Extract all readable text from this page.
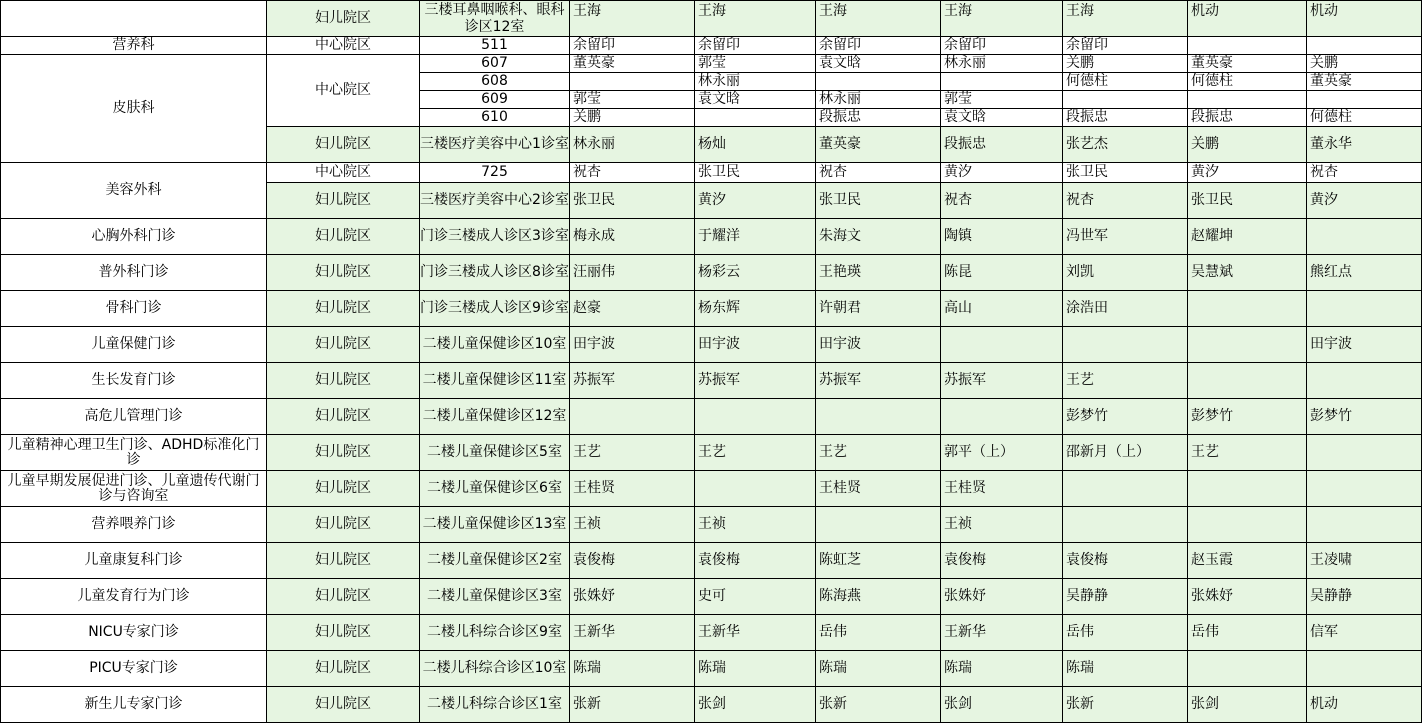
	妇儿院区	三楼耳鼻咽喉科、眼科诊区12室	王海	王海	王海	王海	王海	机动	机动
营养科	中心院区	511	余留印	余留印	余留印	余留印	余留印		
皮肤科	中心院区	607	董英豪	郭莹	袁文晗	林永丽	关鹏	董英豪	关鹏
		608		林永丽			何德柱	何德柱	董英豪
		609	郭莹	袁文晗	林永丽	郭莹			
		610	关鹏		段振忠	袁文晗	段振忠	段振忠	何德柱
	妇儿院区	三楼医疗美容中心1诊室	林永丽	杨灿	董英豪	段振忠	张艺杰	关鹏	董永华
美容外科	中心院区	725	祝杏	张卫民	祝杏	黄汐	张卫民	黄汐	祝杏
	妇儿院区	三楼医疗美容中心2诊室	张卫民	黄汐	张卫民	祝杏	祝杏	张卫民	黄汐
心胸外科门诊	妇儿院区	门诊三楼成人诊区3诊室	梅永成	于耀洋	朱海文	陶镇	冯世军	赵耀坤	
普外科门诊	妇儿院区	门诊三楼成人诊区8诊室	汪丽伟	杨彩云	王艳瑛	陈昆	刘凯	吴慧斌	熊红点
骨科门诊	妇儿院区	门诊三楼成人诊区9诊室	赵豪	杨东辉	许朝君	高山	涂浩田		
儿童保健门诊	妇儿院区	二楼儿童保健诊区10室	田宇波	田宇波	田宇波				田宇波
生长发育门诊	妇儿院区	二楼儿童保健诊区11室	苏振军	苏振军	苏振军	苏振军	王艺		
高危儿管理门诊	妇儿院区	二楼儿童保健诊区12室					彭梦竹	彭梦竹	彭梦竹
儿童精神心理卫生门诊、ADHD标准化门诊	妇儿院区	二楼儿童保健诊区5室	王艺	王艺	王艺	郭平（上）	邵新月（上）	王艺	
儿童早期发展促进门诊、儿童遗传代谢门诊与咨询室	妇儿院区	二楼儿童保健诊区6室	王桂贤		王桂贤	王桂贤			
营养喂养门诊	妇儿院区	二楼儿童保健诊区13室	王祯	王祯		王祯			
儿童康复科门诊	妇儿院区	二楼儿童保健诊区2室	袁俊梅	袁俊梅	陈虹芝	袁俊梅	袁俊梅	赵玉霞	王凌啸
儿童发育行为门诊	妇儿院区	二楼儿童保健诊区3室	张姝妤	史可	陈海燕	张姝妤	吴静静	张姝妤	吴静静
NICU专家门诊	妇儿院区	二楼儿科综合诊区9室	王新华	王新华	岳伟	王新华	岳伟	岳伟	信军
PICU专家门诊	妇儿院区	二楼儿科综合诊区10室	陈瑞	陈瑞	陈瑞	陈瑞	陈瑞		
新生儿专家门诊	妇儿院区	二楼儿科综合诊区1室	张新	张剑	张新	张剑	张新	张剑	机动
